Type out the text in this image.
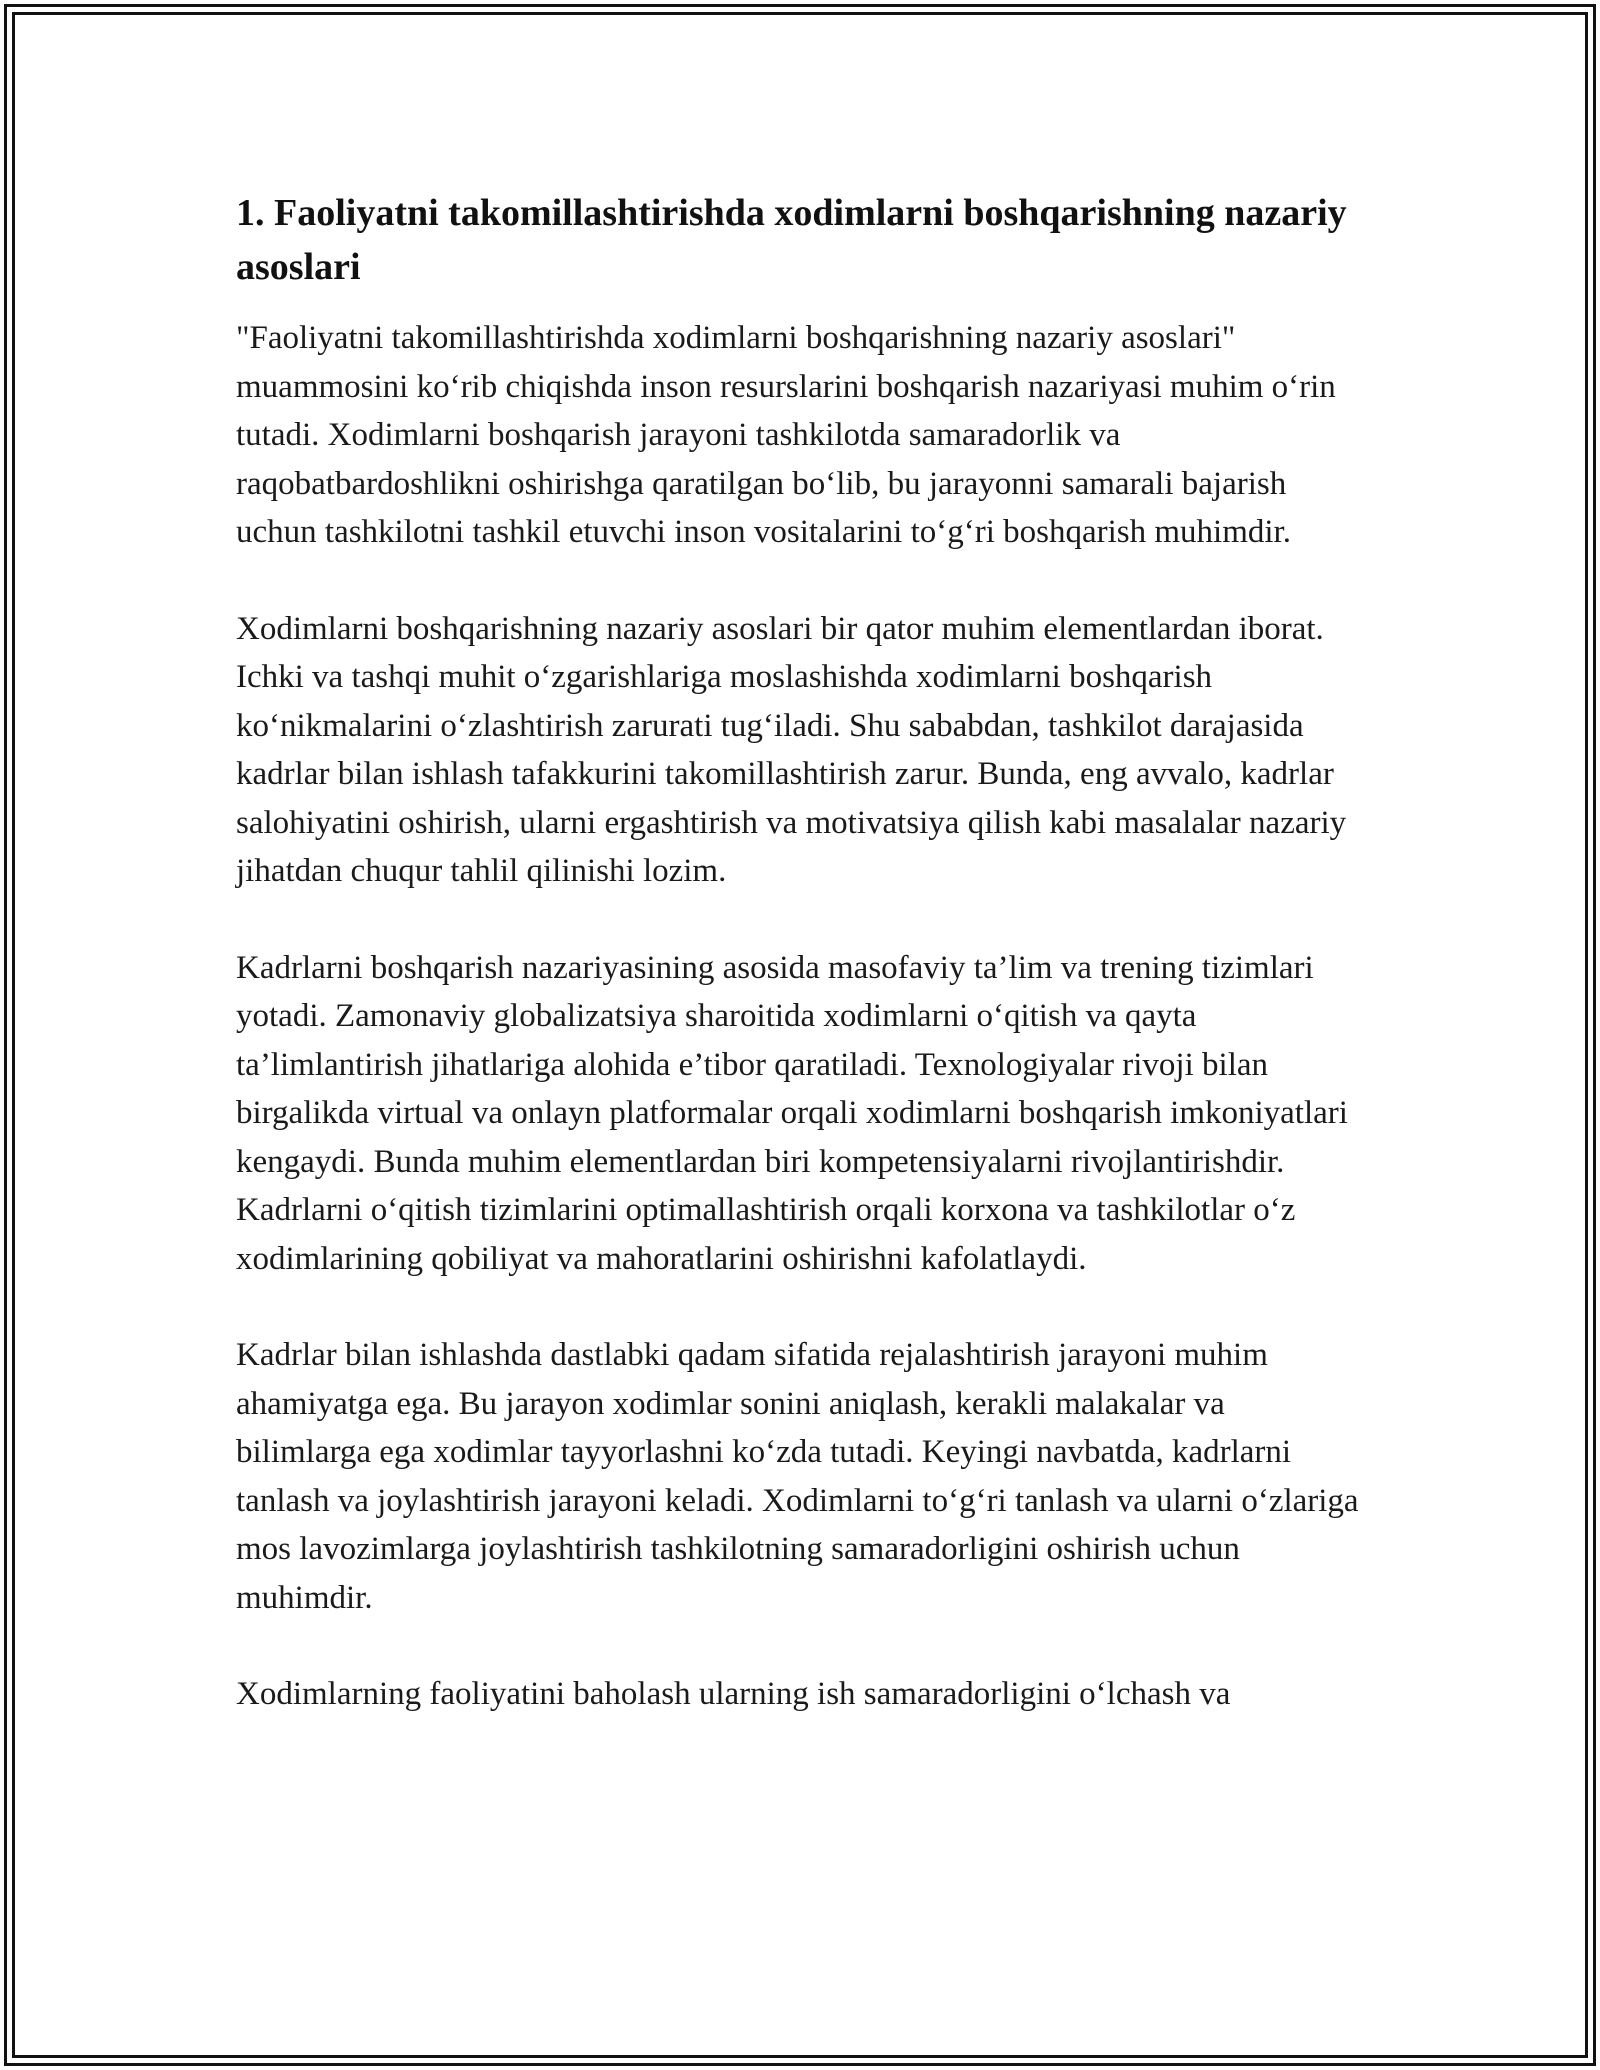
1. Faoliyatni takomillashtirishda xodimlarni boshqarishning nazariy asoslari

"Faoliyatni takomillashtirishda xodimlarni boshqarishning nazariy asoslari" muammosini ko‘rib chiqishda inson resurslarini boshqarish nazariyasi muhim o‘rin tutadi. Xodimlarni boshqarish jarayoni tashkilotda samaradorlik va raqobatbardoshlikni oshirishga qaratilgan bo‘lib, bu jarayonni samarali bajarish uchun tashkilotni tashkil etuvchi inson vositalarini to‘g‘ri boshqarish muhimdir.

Xodimlarni boshqarishning nazariy asoslari bir qator muhim elementlardan iborat. Ichki va tashqi muhit o‘zgarishlariga moslashishda xodimlarni boshqarish ko‘nikmalarini o‘zlashtirish zarurati tug‘iladi. Shu sababdan, tashkilot darajasida kadrlar bilan ishlash tafakkurini takomillashtirish zarur. Bunda, eng avvalo, kadrlar salohiyatini oshirish, ularni ergashtirish va motivatsiya qilish kabi masalalar nazariy jihatdan chuqur tahlil qilinishi lozim.

Kadrlarni boshqarish nazariyasining asosida masofaviy ta’lim va trening tizimlari yotadi. Zamonaviy globalizatsiya sharoitida xodimlarni o‘qitish va qayta ta’limlantirish jihatlariga alohida e’tibor qaratiladi. Texnologiyalar rivoji bilan birgalikda virtual va onlayn platformalar orqali xodimlarni boshqarish imkoniyatlari kengaydi. Bunda muhim elementlardan biri kompetensiyalarni rivojlantirishdir. Kadrlarni o‘qitish tizimlarini optimallashtirish orqali korxona va tashkilotlar o‘z xodimlarining qobiliyat va mahoratlarini oshirishni kafolatlaydi.

Kadrlar bilan ishlashda dastlabki qadam sifatida rejalashtirish jarayoni muhim ahamiyatga ega. Bu jarayon xodimlar sonini aniqlash, kerakli malakalar va bilimlarga ega xodimlar tayyorlashni ko‘zda tutadi. Keyingi navbatda, kadrlarni tanlash va joylashtirish jarayoni keladi. Xodimlarni to‘g‘ri tanlash va ularni o‘zlariga mos lavozimlarga joylashtirish tashkilotning samaradorligini oshirish uchun muhimdir.

Xodimlarning faoliyatini baholash ularning ish samaradorligini o‘lchash va
